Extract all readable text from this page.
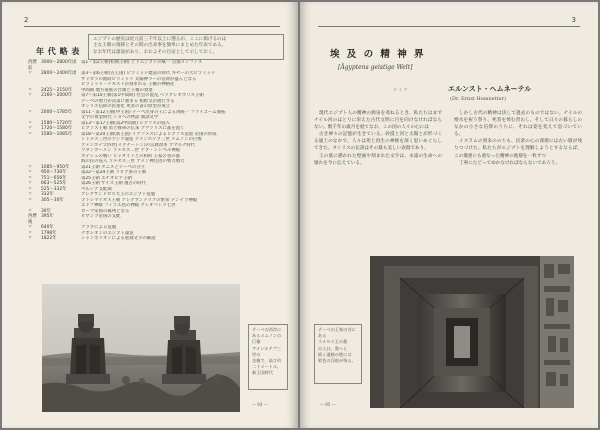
2
エジプトの歴史は紀元前三千年以上に遡るが、ここに掲げるのは
主な王朝の推移とその間の出来事を簡単にまとめた年表である。
なお年代は諸説があり、おおよその目安として示しておく。
年 代 略 表
西暦前
3000〜2800年頃	第1・第2王朝(初期王朝) 上下エジプトの統一 首都メンフィス
〃	2800〜2400年頃	第3〜第6王朝(古王国) ピラミッド建設の時代 ギゼーの大ピラミッド
サッカラの階段ピラミッド 太陽神ラーの信仰が盛んとなる
ピラミッド・テキストが刻まれる 王権の神格化
〃	2425〜2150年	中間期 地方豪族の台頭と王権の衰退
〃	2160〜2000年	第7〜第10王朝(第1中間期) 社会の混乱 ヘラクレオポリス王朝
テーベの勢力が次第に強まる 棺柩文が流行する
オシリス信仰の民衆化 死者の書の原型が成立
〃	2000〜1785年	第11・第12王朝(中王国) テーベ出身の王による再統一 ファイユーム開拓
文学の黄金時代 シヌヘの物語 教訓文学
〃	1580〜1720年	第13〜第17王朝(第2中間期) ヒクソスの侵入
〃	1720〜1580年	ヒクソス王朝 馬と戦車の伝来 アヴァリスに都を置く
〃	1580〜1085年	第18〜第20王朝(新王国) イアフメスによるヒクソス追放 帝国の形成
トトメス三世のアジア遠征 アメンホテプ三世 メムノンの巨像
アメンホテプ四世(イクナートン)の宗教改革 アマルナ時代
ツタンカーメン ラメセス二世 アブ・シンベル神殿
カデシュの戦い ヒッタイトとの和約 王家の谷の墓
海の民の侵入 ラメセス三世 アメン神官団の勢力増大
〃	1085〜950年	第21王朝 タニスとテーベの分立
〃	950〜730年	第22〜第24王朝 リビア系の王朝
〃	751〜656年	第25王朝 エチオピア王朝
〃	663〜525年	第26王朝 サイス王朝 復古の時代
〃	525〜332年	ペルシア支配期
〃	332年	アレクサンドロス大王のエジプト征服
〃	305〜30年	プトレマイオス王朝 アレクサンドリアの繁栄 デンデラ神殿
エドフ神殿 フィラエ島の神殿 クレオパトラ七世
〃	30年	ローマ帝国の属州となる
西暦後
395年	ビザンツ帝国の支配
〃	640年	アラブによる征服
〃	1798年	ナポレオンのエジプト遠征
〃	1822年	シャンポリオンによる聖刻文字の解読
テーベの西岸にあるメムノンの巨像
アメンホテプ三世の
坐像で、高さ約
二十メートル。
新王国時代
— 94 —
3
埃 及 の 精 神 界
[Ägyptens geistige Welt]
ド イ ツ	エルンスト・ヘムネーテル
(Dr. Ernst Hemnetter)

現代エジプト人の精神の源泉を尋ねるとき、私たちはまずナイル河のほとりに栄えた古代文明に目を向けなければならない。数千年の歳月を経てなお、この国の人々の心には

古き神々の記憶が生きている。砂漠と河と太陽とが形づくる風土のなかで、人々は死と再生の神秘を深く思いめぐらしてきた。オシリスの伝説はその最も美しい表現であり、

王の墓に描かれた壁画や刻まれた文字は、永遠の生命への憧れを今に伝えている。

しかし古代の精神は決して過去のものではない。ナイルの増水を祝う祭り、死者を悼む習わし、そして日々の暮らしのなかの小さな信仰のうちに、それは姿を変えて息づいている。

イスラムの到来ののちも、民衆の心の深層には古い層が残りつづけた。私たちがエジプトを理解しようとするならば、この幾重にも重なった精神の地層を一枚ずつ

丁寧にたどってゆかなければならないであろう。

テーベの王家の谷にある
ラメセス王の墓
の入口。奥へと
続く通路の壁には
彩色の浮彫が残る。
— 95 —
